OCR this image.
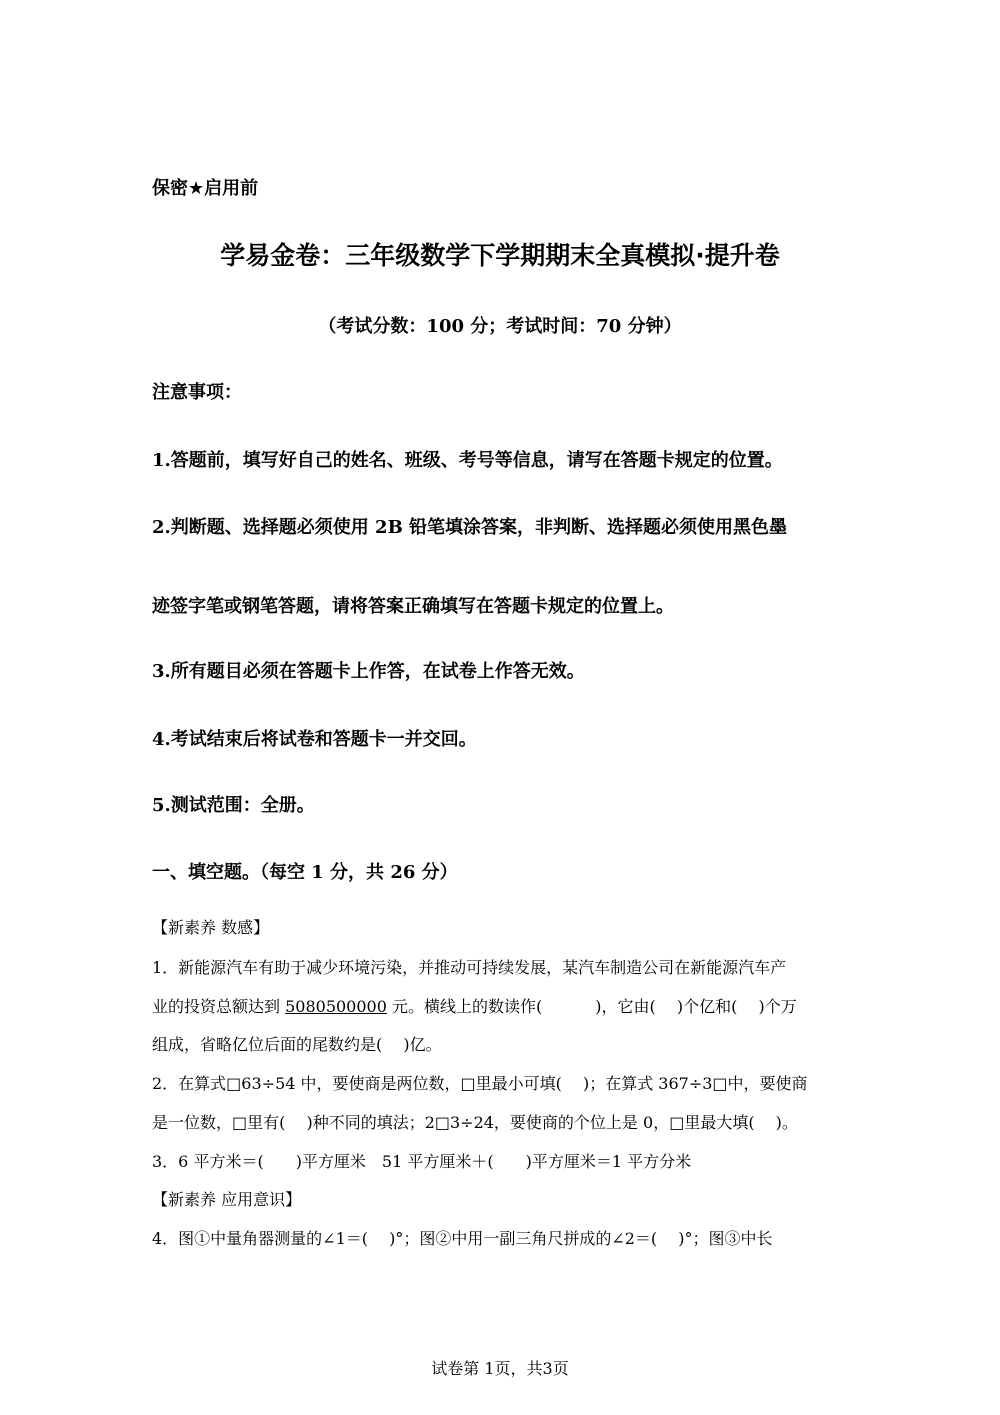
保密★启用前
学易金卷：三年级数学下学期期末全真模拟·提升卷
（考试分数：100 分；考试时间：70 分钟）
注意事项：
1.答题前，填写好自己的姓名、班级、考号等信息，请写在答题卡规定的位置。
2.判断题、选择题必须使用 2B 铅笔填涂答案，非判断、选择题必须使用黑色墨
迹签字笔或钢笔答题，请将答案正确填写在答题卡规定的位置上。
3.所有题目必须在答题卡上作答，在试卷上作答无效。
4.考试结束后将试卷和答题卡一并交回。
5.测试范围：全册。
一、填空题。（每空 1 分，共 26 分）
【新素养 数感】
1．新能源汽车有助于减少环境污染，并推动可持续发展，某汽车制造公司在新能源汽车产
业的投资总额达到 5080500000 元。横线上的数读作(　　　 )，它由(　 )个亿和(　 )个万
组成，省略亿位后面的尾数约是(　 )亿。
2．在算式□63÷54 中，要使商是两位数，□里最小可填(　 )；在算式 367÷3□中，要使商
是一位数，□里有(　 )种不同的填法；2□3÷24，要使商的个位上是 0，□里最大填(　 )。
3．6 平方米＝(　　)平方厘米　51 平方厘米＋(　　)平方厘米＝1 平方分米
【新素养 应用意识】
4．图①中量角器测量的∠1＝(　 )°；图②中用一副三角尺拼成的∠2＝(　 )°；图③中长
试卷第 1页，共3页
